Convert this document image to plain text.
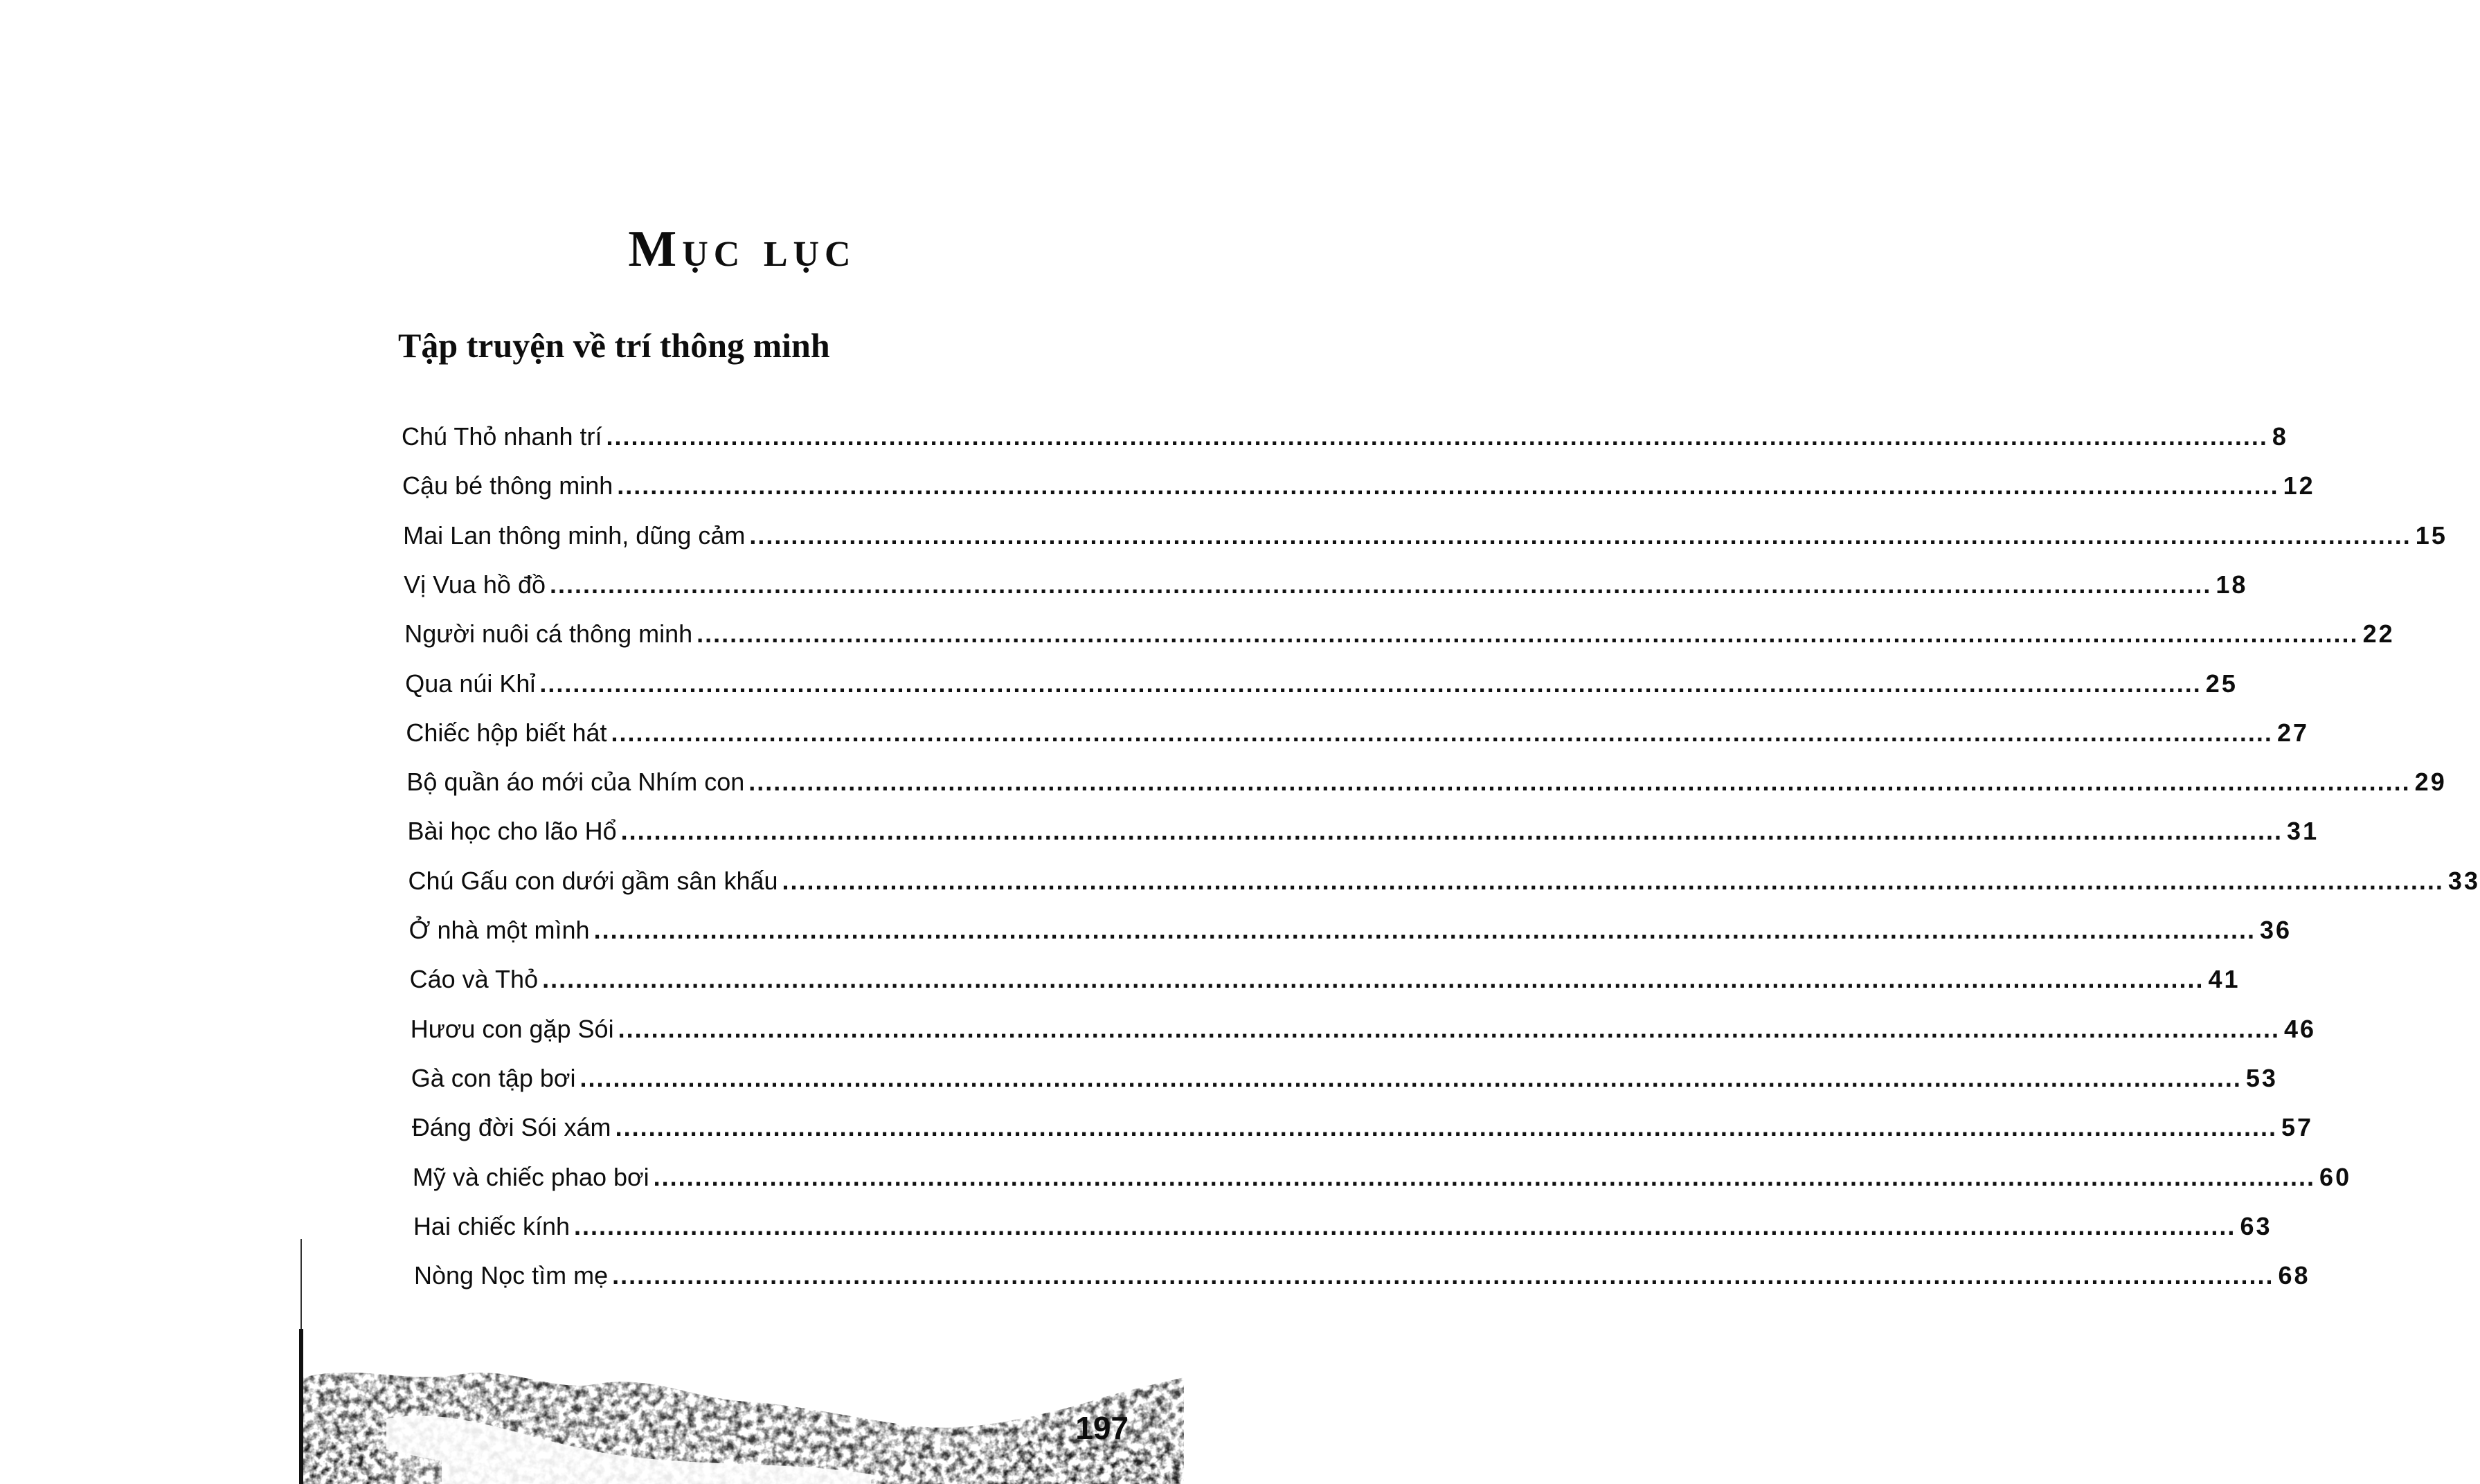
Mục lục
Tập truyện về trí thông minh
Chú Thỏ nhanh trí ........................................................................................................................................................................................................ 8
Cậu bé thông minh ........................................................................................................................................................................................................ 12
Mai Lan thông minh, dũng cảm ........................................................................................................................................................................................................ 15
Vị Vua hồ đồ ........................................................................................................................................................................................................ 18
Người nuôi cá thông minh ........................................................................................................................................................................................................ 22
Qua núi Khỉ ........................................................................................................................................................................................................ 25
Chiếc hộp biết hát ........................................................................................................................................................................................................ 27
Bộ quần áo mới của Nhím con ........................................................................................................................................................................................................ 29
Bài học cho lão Hổ ........................................................................................................................................................................................................ 31
Chú Gấu con dưới gầm sân khấu ........................................................................................................................................................................................................ 33
Ở nhà một mình ........................................................................................................................................................................................................ 36
Cáo và Thỏ ........................................................................................................................................................................................................ 41
Hươu con gặp Sói ........................................................................................................................................................................................................ 46
Gà con tập bơi ........................................................................................................................................................................................................ 53
Đáng đời Sói xám ........................................................................................................................................................................................................ 57
Mỹ và chiếc phao bơi ........................................................................................................................................................................................................ 60
Hai chiếc kính ........................................................................................................................................................................................................ 63
Nòng Nọc tìm mẹ ........................................................................................................................................................................................................ 68
197
